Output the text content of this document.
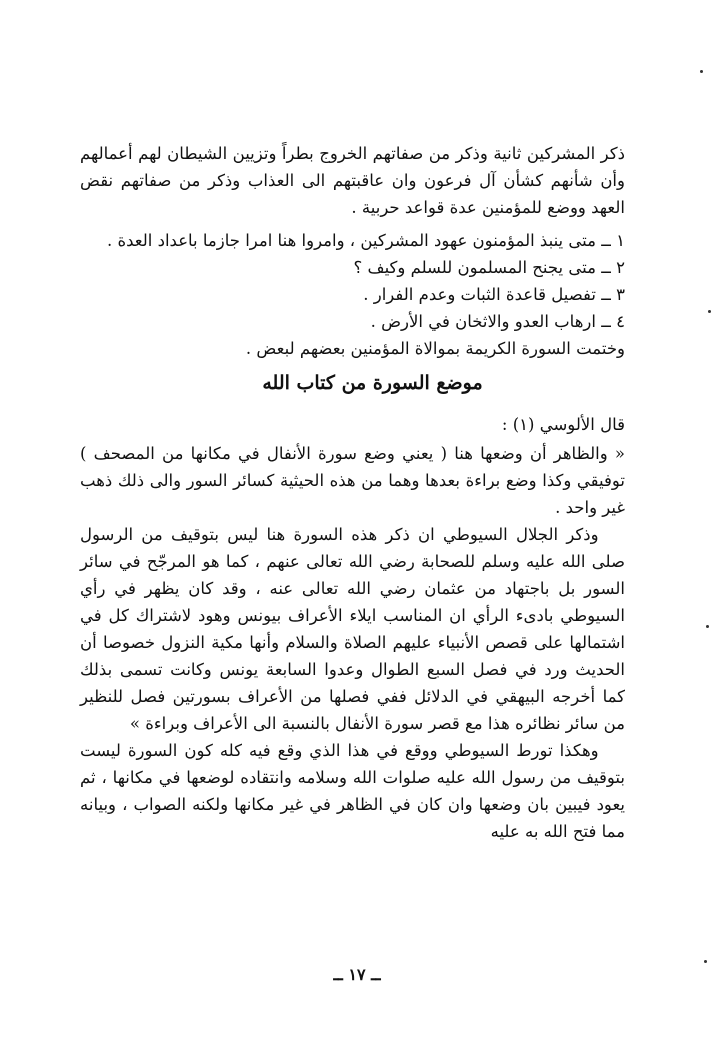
ذكر المشركين ثانية وذكر من صفاتهم الخروج بطراً وتزيين الشيطان لهم أعمالهم وأن شأنهم كشأن آل فرعون وان عاقبتهم الى العذاب وذكر من صفاتهم نقض العهد ووضع للمؤمنين عدة قواعد حربية .

١ ــ متى ينبذ المؤمنون عهود المشركين ، وامروا هنا امرا جازما باعداد العدة .

٢ ــ متى يجنح المسلمون للسلم وكيف ؟

٣ ــ تفصيل قاعدة الثبات وعدم الفرار .

٤ ــ ارهاب العدو والاثخان في الأرض .

وختمت السورة الكريمة بموالاة المؤمنين بعضهم لبعض .

موضع السورة من كتاب الله

قال الألوسي (١) :

« والظاهر أن وضعها هنا ( يعني وضع سورة الأنفال في مكانها من المصحف ) توفيقي وكذا وضع براءة بعدها وهما من هذه الحيثية كسائر السور والى ذلك ذهب غير واحد .

وذكر الجلال السيوطي ان ذكر هذه السورة هنا ليس بتوقيف من الرسول صلى الله عليه وسلم للصحابة رضي الله تعالى عنهم ، كما هو المرجّح في سائر السور بل باجتهاد من عثمان رضي الله تعالى عنه ، وقد كان يظهر في رأي السيوطي بادىء الرأي ان المناسب ايلاء الأعراف بيونس وهود لاشتراك كل في اشتمالها على قصص الأنبياء عليهم الصلاة والسلام وأنها مكية النزول خصوصا أن الحديث ورد في فصل السبع الطوال وعدوا السابعة يونس وكانت تسمى بذلك كما أخرجه البيهقي في الدلائل ففي فصلها من الأعراف بسورتين فصل للنظير من سائر نظائره هذا مع قصر سورة الأنفال بالنسبة الى الأعراف وبراءة »

وهكذا تورط السيوطي ووقع في هذا الذي وقع فيه كله كون السورة ليست بتوقيف من رسول الله عليه صلوات الله وسلامه وانتقاده لوضعها في مكانها ، ثم يعود فيبين بان وضعها وان كان في الظاهر في غير مكانها ولكنه الصواب ، وبيانه مما فتح الله به عليه

ــ ١٧ ــ
